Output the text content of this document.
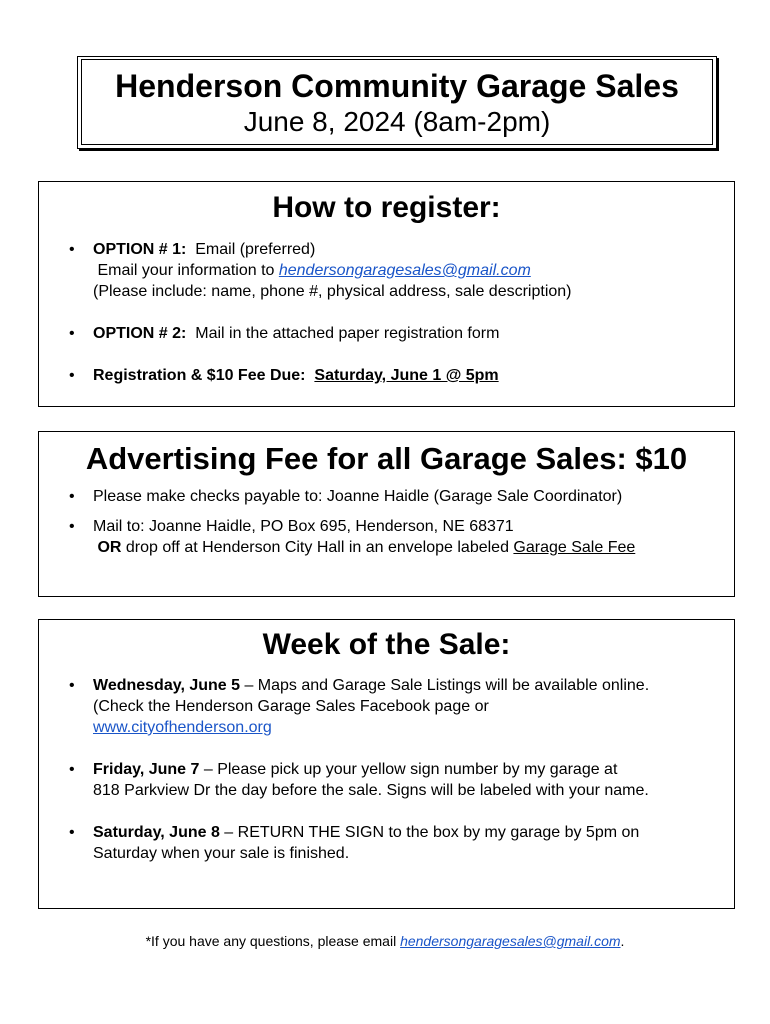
Henderson Community Garage Sales
June 8, 2024 (8am-2pm)
How to register:
• OPTION # 1: Email (preferred)
Email your information to hendersongaragesales@gmail.com
(Please include: name, phone #, physical address, sale description)
• OPTION # 2: Mail in the attached paper registration form
• Registration & $10 Fee Due: Saturday, June 1 @ 5pm
Advertising Fee for all Garage Sales: $10
• Please make checks payable to: Joanne Haidle (Garage Sale Coordinator)
• Mail to: Joanne Haidle, PO Box 695, Henderson, NE 68371
OR drop off at Henderson City Hall in an envelope labeled Garage Sale Fee
Week of the Sale:
• Wednesday, June 5 – Maps and Garage Sale Listings will be available online.
(Check the Henderson Garage Sales Facebook page or
www.cityofhenderson.org
• Friday, June 7 – Please pick up your yellow sign number by my garage at
818 Parkview Dr the day before the sale. Signs will be labeled with your name.
• Saturday, June 8 – RETURN THE SIGN to the box by my garage by 5pm on
Saturday when your sale is finished.
*If you have any questions, please email hendersongaragesales@gmail.com.
